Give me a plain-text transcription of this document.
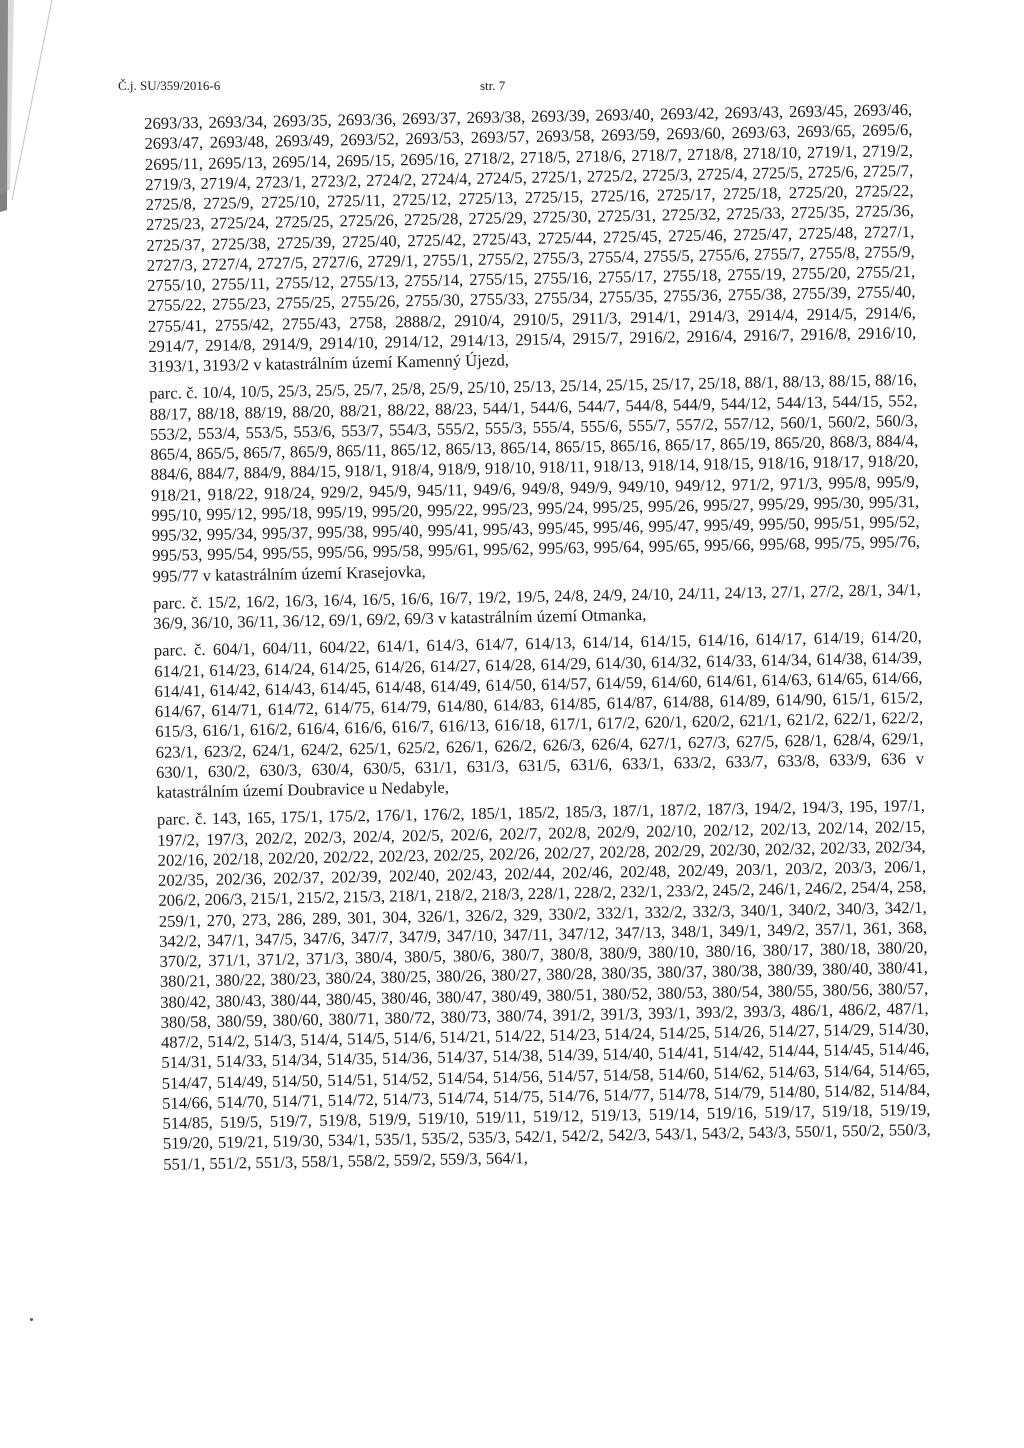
Č.j. SU/359/2016-6	str. 7

2693/33, 2693/34, 2693/35, 2693/36, 2693/37, 2693/38, 2693/39, 2693/40, 2693/42, 2693/43, 2693/45, 2693/46, 2693/47, 2693/48, 2693/49, 2693/52, 2693/53, 2693/57, 2693/58, 2693/59, 2693/60, 2693/63, 2693/65, 2695/6, 2695/11, 2695/13, 2695/14, 2695/15, 2695/16, 2718/2, 2718/5, 2718/6, 2718/7, 2718/8, 2718/10, 2719/1, 2719/2, 2719/3, 2719/4, 2723/1, 2723/2, 2724/2, 2724/4, 2724/5, 2725/1, 2725/2, 2725/3, 2725/4, 2725/5, 2725/6, 2725/7, 2725/8, 2725/9, 2725/10, 2725/11, 2725/12, 2725/13, 2725/15, 2725/16, 2725/17, 2725/18, 2725/20, 2725/22, 2725/23, 2725/24, 2725/25, 2725/26, 2725/28, 2725/29, 2725/30, 2725/31, 2725/32, 2725/33, 2725/35, 2725/36, 2725/37, 2725/38, 2725/39, 2725/40, 2725/42, 2725/43, 2725/44, 2725/45, 2725/46, 2725/47, 2725/48, 2727/1, 2727/3, 2727/4, 2727/5, 2727/6, 2729/1, 2755/1, 2755/2, 2755/3, 2755/4, 2755/5, 2755/6, 2755/7, 2755/8, 2755/9, 2755/10, 2755/11, 2755/12, 2755/13, 2755/14, 2755/15, 2755/16, 2755/17, 2755/18, 2755/19, 2755/20, 2755/21, 2755/22, 2755/23, 2755/25, 2755/26, 2755/30, 2755/33, 2755/34, 2755/35, 2755/36, 2755/38, 2755/39, 2755/40, 2755/41, 2755/42, 2755/43, 2758, 2888/2, 2910/4, 2910/5, 2911/3, 2914/1, 2914/3, 2914/4, 2914/5, 2914/6, 2914/7, 2914/8, 2914/9, 2914/10, 2914/12, 2914/13, 2915/4, 2915/7, 2916/2, 2916/4, 2916/7, 2916/8, 2916/10, 3193/1, 3193/2 v katastrálním území Kamenný Újezd,

parc. č. 10/4, 10/5, 25/3, 25/5, 25/7, 25/8, 25/9, 25/10, 25/13, 25/14, 25/15, 25/17, 25/18, 88/1, 88/13, 88/15, 88/16, 88/17, 88/18, 88/19, 88/20, 88/21, 88/22, 88/23, 544/1, 544/6, 544/7, 544/8, 544/9, 544/12, 544/13, 544/15, 552, 553/2, 553/4, 553/5, 553/6, 553/7, 554/3, 555/2, 555/3, 555/4, 555/6, 555/7, 557/2, 557/12, 560/1, 560/2, 560/3, 865/4, 865/5, 865/7, 865/9, 865/11, 865/12, 865/13, 865/14, 865/15, 865/16, 865/17, 865/19, 865/20, 868/3, 884/4, 884/6, 884/7, 884/9, 884/15, 918/1, 918/4, 918/9, 918/10, 918/11, 918/13, 918/14, 918/15, 918/16, 918/17, 918/20, 918/21, 918/22, 918/24, 929/2, 945/9, 945/11, 949/6, 949/8, 949/9, 949/10, 949/12, 971/2, 971/3, 995/8, 995/9, 995/10, 995/12, 995/18, 995/19, 995/20, 995/22, 995/23, 995/24, 995/25, 995/26, 995/27, 995/29, 995/30, 995/31, 995/32, 995/34, 995/37, 995/38, 995/40, 995/41, 995/43, 995/45, 995/46, 995/47, 995/49, 995/50, 995/51, 995/52, 995/53, 995/54, 995/55, 995/56, 995/58, 995/61, 995/62, 995/63, 995/64, 995/65, 995/66, 995/68, 995/75, 995/76, 995/77 v katastrálním území Krasejovka,

parc. č. 15/2, 16/2, 16/3, 16/4, 16/5, 16/6, 16/7, 19/2, 19/5, 24/8, 24/9, 24/10, 24/11, 24/13, 27/1, 27/2, 28/1, 34/1, 36/9, 36/10, 36/11, 36/12, 69/1, 69/2, 69/3 v katastrálním území Otmanka,

parc. č. 604/1, 604/11, 604/22, 614/1, 614/3, 614/7, 614/13, 614/14, 614/15, 614/16, 614/17, 614/19, 614/20, 614/21, 614/23, 614/24, 614/25, 614/26, 614/27, 614/28, 614/29, 614/30, 614/32, 614/33, 614/34, 614/38, 614/39, 614/41, 614/42, 614/43, 614/45, 614/48, 614/49, 614/50, 614/57, 614/59, 614/60, 614/61, 614/63, 614/65, 614/66, 614/67, 614/71, 614/72, 614/75, 614/79, 614/80, 614/83, 614/85, 614/87, 614/88, 614/89, 614/90, 615/1, 615/2, 615/3, 616/1, 616/2, 616/4, 616/6, 616/7, 616/13, 616/18, 617/1, 617/2, 620/1, 620/2, 621/1, 621/2, 622/1, 622/2, 623/1, 623/2, 624/1, 624/2, 625/1, 625/2, 626/1, 626/2, 626/3, 626/4, 627/1, 627/3, 627/5, 628/1, 628/4, 629/1, 630/1, 630/2, 630/3, 630/4, 630/5, 631/1, 631/3, 631/5, 631/6, 633/1, 633/2, 633/7, 633/8, 633/9, 636 v katastrálním území Doubravice u Nedabyle,

parc. č. 143, 165, 175/1, 175/2, 176/1, 176/2, 185/1, 185/2, 185/3, 187/1, 187/2, 187/3, 194/2, 194/3, 195, 197/1, 197/2, 197/3, 202/2, 202/3, 202/4, 202/5, 202/6, 202/7, 202/8, 202/9, 202/10, 202/12, 202/13, 202/14, 202/15, 202/16, 202/18, 202/20, 202/22, 202/23, 202/25, 202/26, 202/27, 202/28, 202/29, 202/30, 202/32, 202/33, 202/34, 202/35, 202/36, 202/37, 202/39, 202/40, 202/43, 202/44, 202/46, 202/48, 202/49, 203/1, 203/2, 203/3, 206/1, 206/2, 206/3, 215/1, 215/2, 215/3, 218/1, 218/2, 218/3, 228/1, 228/2, 232/1, 233/2, 245/2, 246/1, 246/2, 254/4, 258, 259/1, 270, 273, 286, 289, 301, 304, 326/1, 326/2, 329, 330/2, 332/1, 332/2, 332/3, 340/1, 340/2, 340/3, 342/1, 342/2, 347/1, 347/5, 347/6, 347/7, 347/9, 347/10, 347/11, 347/12, 347/13, 348/1, 349/1, 349/2, 357/1, 361, 368, 370/2, 371/1, 371/2, 371/3, 380/4, 380/5, 380/6, 380/7, 380/8, 380/9, 380/10, 380/16, 380/17, 380/18, 380/20, 380/21, 380/22, 380/23, 380/24, 380/25, 380/26, 380/27, 380/28, 380/35, 380/37, 380/38, 380/39, 380/40, 380/41, 380/42, 380/43, 380/44, 380/45, 380/46, 380/47, 380/49, 380/51, 380/52, 380/53, 380/54, 380/55, 380/56, 380/57, 380/58, 380/59, 380/60, 380/71, 380/72, 380/73, 380/74, 391/2, 391/3, 393/1, 393/2, 393/3, 486/1, 486/2, 487/1, 487/2, 514/2, 514/3, 514/4, 514/5, 514/6, 514/21, 514/22, 514/23, 514/24, 514/25, 514/26, 514/27, 514/29, 514/30, 514/31, 514/33, 514/34, 514/35, 514/36, 514/37, 514/38, 514/39, 514/40, 514/41, 514/42, 514/44, 514/45, 514/46, 514/47, 514/49, 514/50, 514/51, 514/52, 514/54, 514/56, 514/57, 514/58, 514/60, 514/62, 514/63, 514/64, 514/65, 514/66, 514/70, 514/71, 514/72, 514/73, 514/74, 514/75, 514/76, 514/77, 514/78, 514/79, 514/80, 514/82, 514/84, 514/85, 519/5, 519/7, 519/8, 519/9, 519/10, 519/11, 519/12, 519/13, 519/14, 519/16, 519/17, 519/18, 519/19, 519/20, 519/21, 519/30, 534/1, 535/1, 535/2, 535/3, 542/1, 542/2, 542/3, 543/1, 543/2, 543/3, 550/1, 550/2, 550/3, 551/1, 551/2, 551/3, 558/1, 558/2, 559/2, 559/3, 564/1,
